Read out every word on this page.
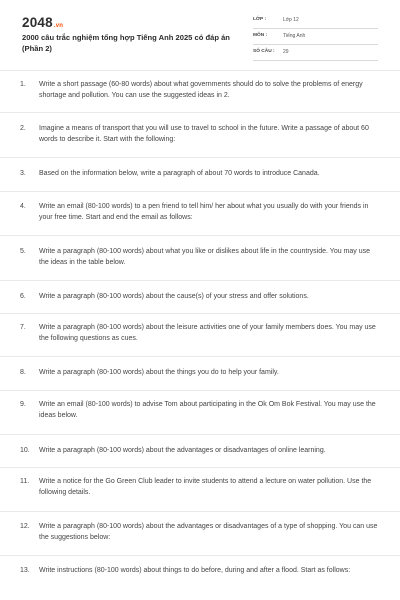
2048.vn
2000 câu trắc nghiệm tổng hợp Tiếng Anh 2025 có đáp án (Phần 2)
LỚP :	Lớp 12
MÔN :	Tiếng Anh
SỐ CÂU : 29
1.	Write a short passage (60-80 words) about what governments should do to solve the problems of energy shortage and pollution. You can use the suggested ideas in 2.
2.	Imagine a means of transport that you will use to travel to school in the future. Write a passage of about 60 words to describe it. Start with the following:
3.	Based on the information below, write a paragraph of about 70 words to introduce Canada.
4.	Write an email (80-100 words) to a pen friend to tell him/ her about what you usually do with your friends in your free time. Start and end the email as follows:
5.	Write a paragraph (80-100 words) about what you like or dislikes about life in the countryside. You may use the ideas in the table below.
6.	Write a paragraph (80-100 words) about the cause(s) of your stress and offer solutions.
7.	Write a paragraph (80-100 words) about the leisure activities one of your family members does. You may use the following questions as cues.
8.	Write a paragraph (80-100 words) about the things you do to help your family.
9.	Write an email (80-100 words) to advise Tom about participating in the Ok Om Bok Festival. You may use the ideas below.
10.	Write a paragraph (80-100 words) about the advantages or disadvantages of online learning.
11.	Write a notice for the Go Green Club leader to invite students to attend a lecture on water pollution. Use the following details.
12.	Write a paragraph (80-100 words) about the advantages or disadvantages of a type of shopping. You can use the suggestions below:
13.	Write instructions (80-100 words) about things to do before, during and after a flood. Start as follows:
